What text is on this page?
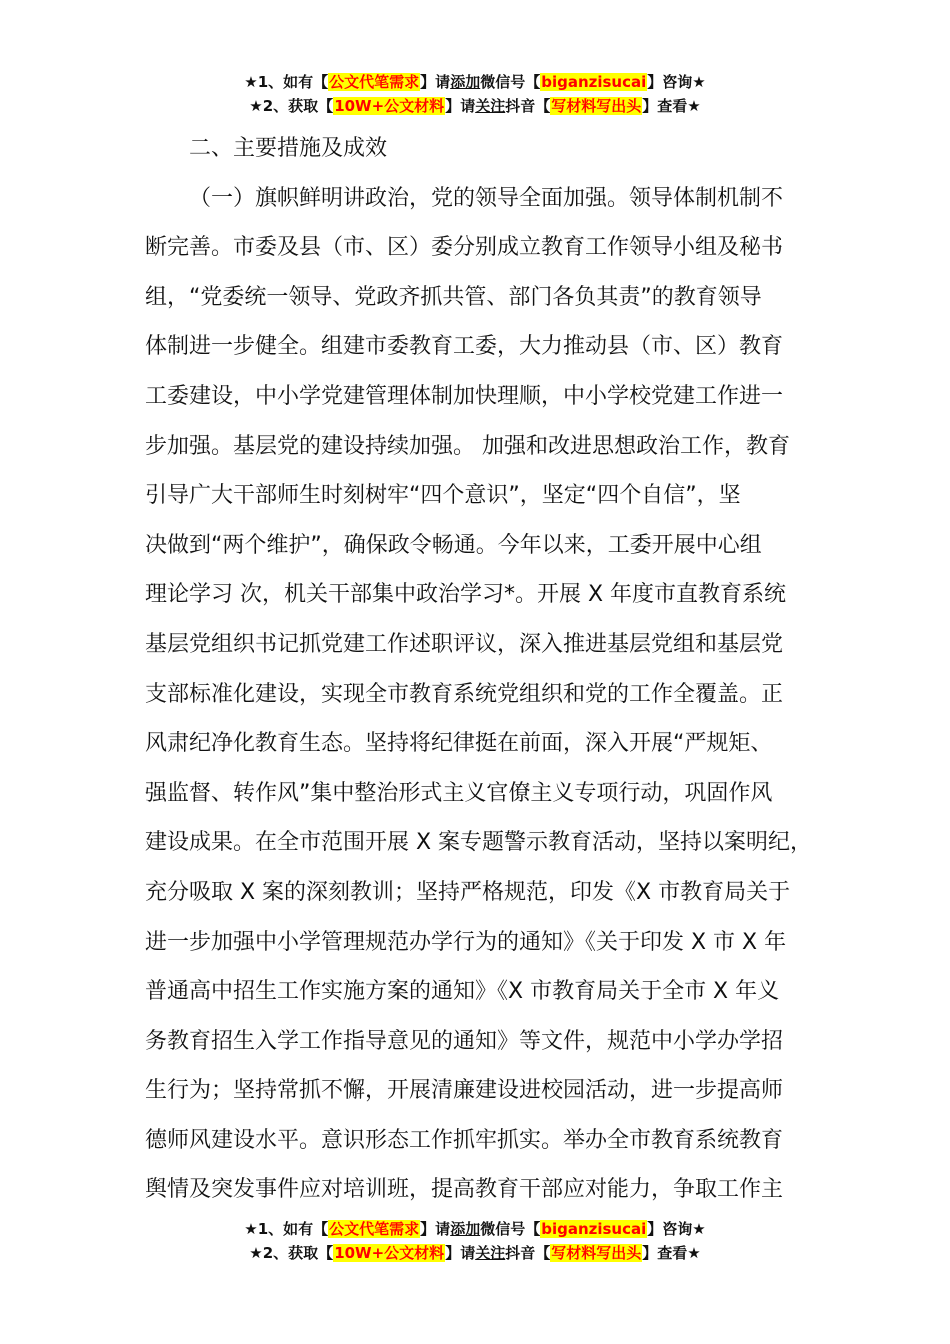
★1、如有【公文代笔需求】请添加微信号【biganzisucai】咨询★
★2、获取【10W+公文材料】请关注抖音【写材料写出头】查看★
二、主要措施及成效
（一）旗帜鲜明讲政治，党的领导全面加强。领导体制机制不
断完善。市委及县（市、区）委分别成立教育工作领导小组及秘书
组，“党委统一领导、党政齐抓共管、部门各负其责”的教育领导
体制进一步健全。组建市委教育工委，大力推动县（市、区）教育
工委建设，中小学党建管理体制加快理顺，中小学校党建工作进一
步加强。基层党的建设持续加强。 加强和改进思想政治工作，教育
引导广大干部师生时刻树牢“四个意识”，坚定“四个自信”，坚
决做到“两个维护”，确保政令畅通。今年以来，工委开展中心组
理论学习 次，机关干部集中政治学习*。开展 X 年度市直教育系统
基层党组织书记抓党建工作述职评议，深入推进基层党组和基层党
支部标准化建设，实现全市教育系统党组织和党的工作全覆盖。正
风肃纪净化教育生态。坚持将纪律挺在前面，深入开展“严规矩、
强监督、转作风”集中整治形式主义官僚主义专项行动，巩固作风
建设成果。在全市范围开展 X 案专题警示教育活动，坚持以案明纪，
充分吸取 X 案的深刻教训；坚持严格规范，印发《X 市教育局关于
进一步加强中小学管理规范办学行为的通知》《关于印发 X 市 X 年
普通高中招生工作实施方案的通知》《X 市教育局关于全市 X 年义
务教育招生入学工作指导意见的通知》等文件，规范中小学办学招
生行为；坚持常抓不懈，开展清廉建设进校园活动，进一步提高师
德师风建设水平。意识形态工作抓牢抓实。举办全市教育系统教育
舆情及突发事件应对培训班，提高教育干部应对能力，争取工作主
★1、如有【公文代笔需求】请添加微信号【biganzisucai】咨询★
★2、获取【10W+公文材料】请关注抖音【写材料写出头】查看★
